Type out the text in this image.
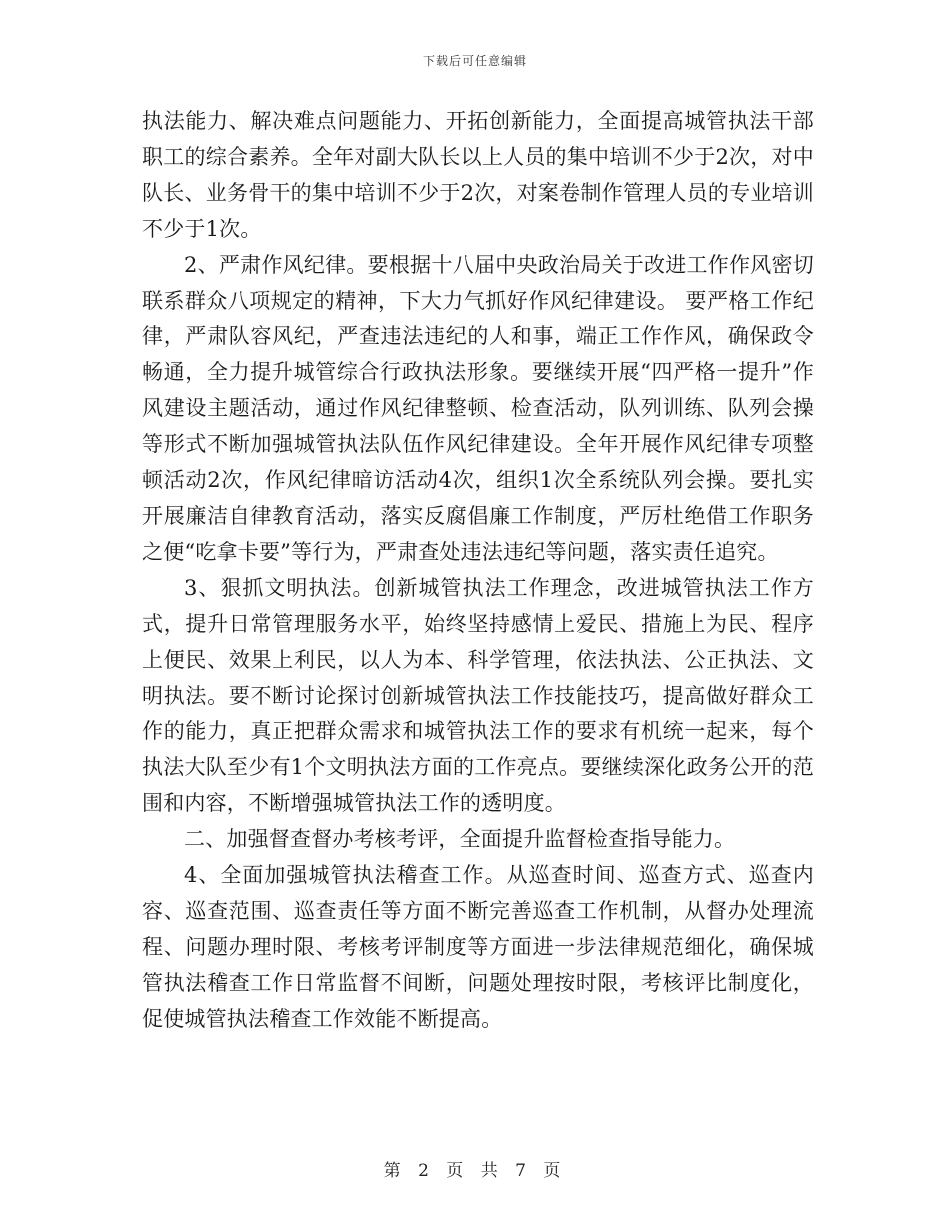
下载后可任意编辑

执法能力、解决难点问题能力、开拓创新能力，全面提高城管执法干部职工的综合素养。全年对副大队长以上人员的集中培训不少于2次，对中队长、业务骨干的集中培训不少于2次，对案卷制作管理人员的专业培训不少于1次。

2、严肃作风纪律。要根据十八届中央政治局关于改进工作作风密切联系群众八项规定的精神，下大力气抓好作风纪律建设。 要严格工作纪律，严肃队容风纪，严查违法违纪的人和事，端正工作作风，确保政令畅通，全力提升城管综合行政执法形象。要继续开展“四严格一提升”作风建设主题活动，通过作风纪律整顿、检查活动，队列训练、队列会操等形式不断加强城管执法队伍作风纪律建设。全年开展作风纪律专项整顿活动2次，作风纪律暗访活动4次，组织1次全系统队列会操。要扎实开展廉洁自律教育活动，落实反腐倡廉工作制度，严厉杜绝借工作职务之便“吃拿卡要”等行为，严肃查处违法违纪等问题，落实责任追究。

3、狠抓文明执法。创新城管执法工作理念，改进城管执法工作方式，提升日常管理服务水平，始终坚持感情上爱民、措施上为民、程序上便民、效果上利民，以人为本、科学管理，依法执法、公正执法、文明执法。要不断讨论探讨创新城管执法工作技能技巧，提高做好群众工作的能力，真正把群众需求和城管执法工作的要求有机统一起来，每个执法大队至少有1个文明执法方面的工作亮点。要继续深化政务公开的范围和内容，不断增强城管执法工作的透明度。

二、加强督查督办考核考评，全面提升监督检查指导能力。

4、全面加强城管执法稽查工作。从巡查时间、巡查方式、巡查内容、巡查范围、巡查责任等方面不断完善巡查工作机制，从督办处理流程、问题办理时限、考核考评制度等方面进一步法律规范细化，确保城管执法稽查工作日常监督不间断，问题处理按时限，考核评比制度化，促使城管执法稽查工作效能不断提高。

第 2 页 共 7 页
